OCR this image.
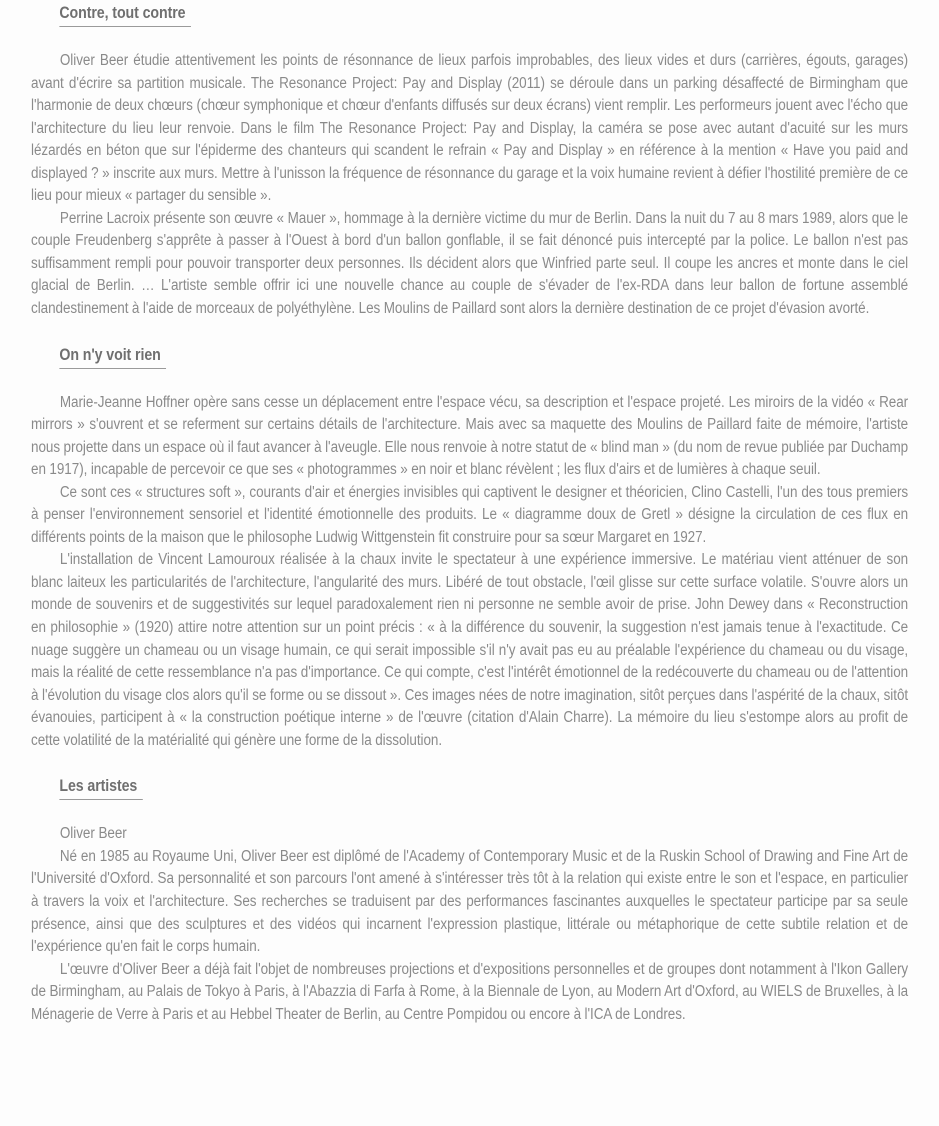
Contre, tout contre

Oliver Beer étudie attentivement les points de résonnance de lieux parfois improbables, des lieux vides et durs (carrières, égouts, garages) avant d'écrire sa partition musicale. The Resonance Project: Pay and Display (2011) se déroule dans un parking désaffecté de Birmingham que l'harmonie de deux chœurs (chœur symphonique et chœur d'enfants diffusés sur deux écrans) vient remplir. Les performeurs jouent avec l'écho que l'architecture du lieu leur renvoie. Dans le film The Resonance Project: Pay and Display, la caméra se pose avec autant d'acuité sur les murs lézardés en béton que sur l'épiderme des chanteurs qui scandent le refrain « Pay and Display » en référence à la mention « Have you paid and displayed ? » inscrite aux murs. Mettre à l'unisson la fréquence de résonnance du garage et la voix humaine revient à défier l'hostilité première de ce lieu pour mieux « partager du sensible ».

Perrine Lacroix présente son œuvre « Mauer », hommage à la dernière victime du mur de Berlin. Dans la nuit du 7 au 8 mars 1989, alors que le couple Freudenberg s'apprête à passer à l'Ouest à bord d'un ballon gonflable, il se fait dénoncé puis intercepté par la police. Le ballon n'est pas suffisamment rempli pour pouvoir transporter deux personnes. Ils décident alors que Winfried parte seul. Il coupe les ancres et monte dans le ciel glacial de Berlin. … L'artiste semble offrir ici une nouvelle chance au couple de s'évader de l'ex-RDA dans leur ballon de fortune assemblé clandestinement à l'aide de morceaux de polyéthylène. Les Moulins de Paillard sont alors la dernière destination de ce projet d'évasion avorté.

On n'y voit rien

Marie-Jeanne Hoffner opère sans cesse un déplacement entre l'espace vécu, sa description et l'espace projeté. Les miroirs de la vidéo « Rear mirrors » s'ouvrent et se referment sur certains détails de l'architecture. Mais avec sa maquette des Moulins de Paillard faite de mémoire, l'artiste nous projette dans un espace où il faut avancer à l'aveugle. Elle nous renvoie à notre statut de « blind man » (du nom de revue publiée par Duchamp en 1917), incapable de percevoir ce que ses « photogrammes » en noir et blanc révèlent ; les flux d'airs et de lumières à chaque seuil.

Ce sont ces « structures soft », courants d'air et énergies invisibles qui captivent le designer et théoricien, Clino Castelli, l'un des tous premiers à penser l'environnement sensoriel et l'identité émotionnelle des produits. Le « diagramme doux de Gretl » désigne la circulation de ces flux en différents points de la maison que le philosophe Ludwig Wittgenstein fit construire pour sa sœur Margaret en 1927.

L'installation de Vincent Lamouroux réalisée à la chaux invite le spectateur à une expérience immersive. Le matériau vient atténuer de son blanc laiteux les particularités de l'architecture, l'angularité des murs. Libéré de tout obstacle, l'œil glisse sur cette surface volatile. S'ouvre alors un monde de souvenirs et de suggestivités sur lequel paradoxalement rien ni personne ne semble avoir de prise. John Dewey dans « Reconstruction en philosophie » (1920) attire notre attention sur un point précis : « à la différence du souvenir, la suggestion n'est jamais tenue à l'exactitude. Ce nuage suggère un chameau ou un visage humain, ce qui serait impossible s'il n'y avait pas eu au préalable l'expérience du chameau ou du visage, mais la réalité de cette ressemblance n'a pas d'importance. Ce qui compte, c'est l'intérêt émotionnel de la redécouverte du chameau ou de l'attention à l'évolution du visage clos alors qu'il se forme ou se dissout ». Ces images nées de notre imagination, sitôt perçues dans l'aspérité de la chaux, sitôt évanouies, participent à « la construction poétique interne » de l'œuvre (citation d'Alain Charre). La mémoire du lieu s'estompe alors au profit de cette volatilité de la matérialité qui génère une forme de la dissolution.

Les artistes

Oliver Beer

Né en 1985 au Royaume Uni, Oliver Beer est diplômé de l'Academy of Contemporary Music et de la Ruskin School of Drawing and Fine Art de l'Université d'Oxford. Sa personnalité et son parcours l'ont amené à s'intéresser très tôt à la relation qui existe entre le son et l'espace, en particulier à travers la voix et l'architecture. Ses recherches se traduisent par des performances fascinantes auxquelles le spectateur participe par sa seule présence, ainsi que des sculptures et des vidéos qui incarnent l'expression plastique, littérale ou métaphorique de cette subtile relation et de l'expérience qu'en fait le corps humain.

L'œuvre d'Oliver Beer a déjà fait l'objet de nombreuses projections et d'expositions personnelles et de groupes dont notamment à l'Ikon Gallery de Birmingham, au Palais de Tokyo à Paris, à l'Abazzia di Farfa à Rome, à la Biennale de Lyon, au Modern Art d'Oxford, au WIELS de Bruxelles, à la Ménagerie de Verre à Paris et au Hebbel Theater de Berlin, au Centre Pompidou ou encore à l'ICA de Londres.
